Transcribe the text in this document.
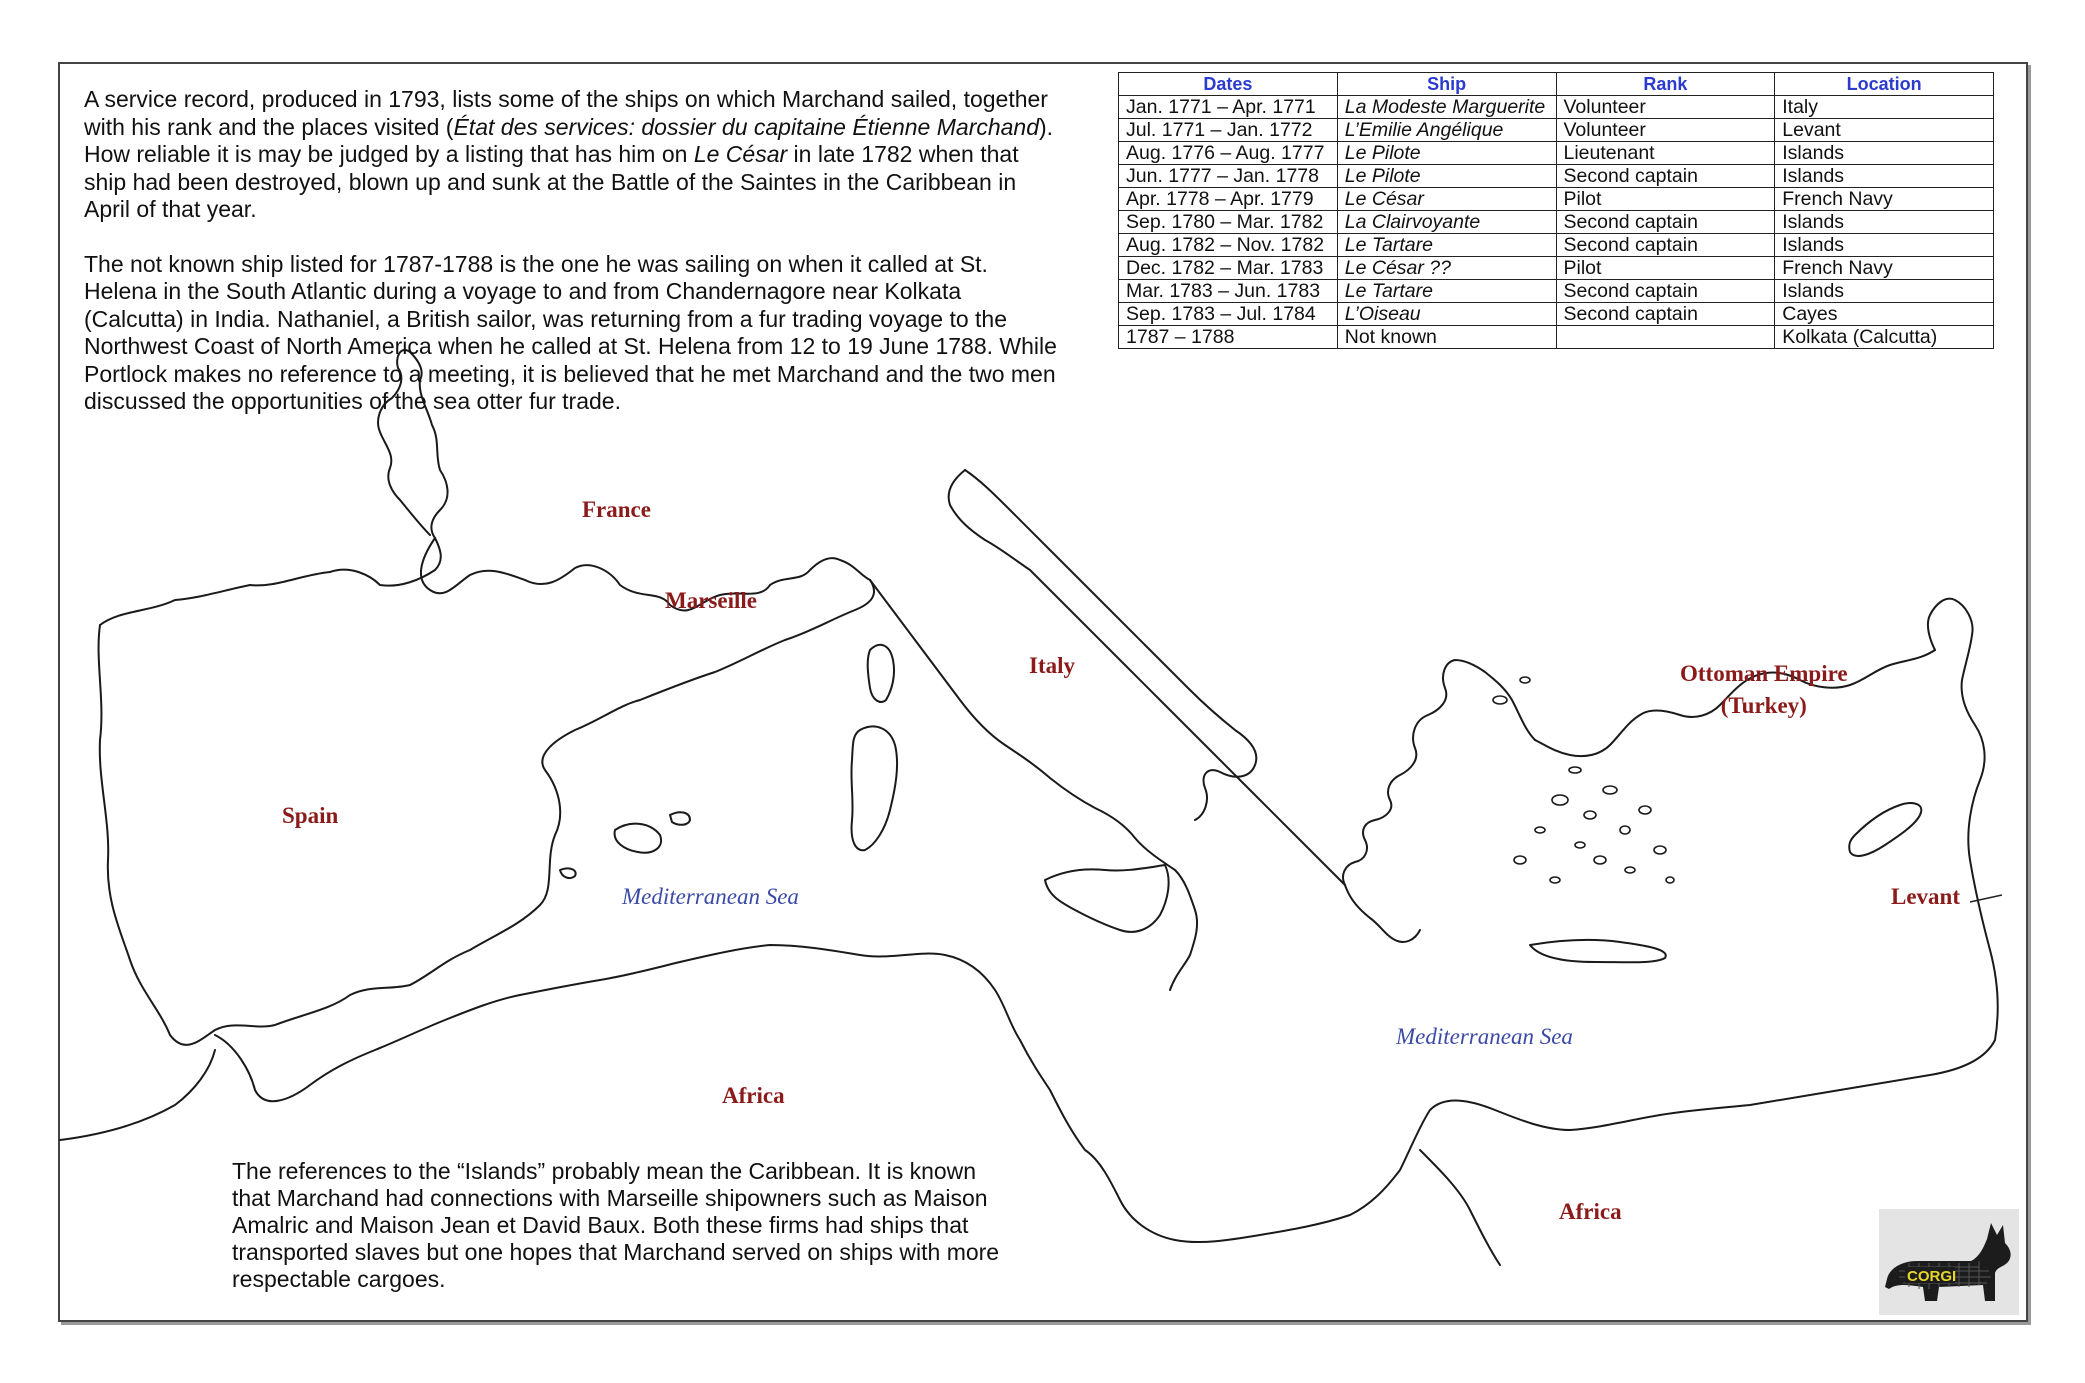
A service record, produced in 1793, lists some of the ships on which Marchand sailed, together with his rank and the places visited (État des services: dossier du capitaine Étienne Marchand). How reliable it is may be judged by a listing that has him on Le César in late 1782 when that ship had been destroyed, blown up and sunk at the Battle of the Saintes in the Caribbean in April of that year.

The not known ship listed for 1787-1788 is the one he was sailing on when it called at St. Helena in the South Atlantic during a voyage to and from Chandernagore near Kolkata (Calcutta) in India. Nathaniel, a British sailor, was returning from a fur trading voyage to the Northwest Coast of North America when he called at St. Helena from 12 to 19 June 1788. While Portlock makes no reference to a meeting, it is believed that he met Marchand and the two men discussed the opportunities of the sea otter fur trade.

Dates	Ship	Rank	Location
Jan. 1771 – Apr. 1771	La Modeste Marguerite	Volunteer	Italy
Jul. 1771 – Jan. 1772	L’Emilie Angélique	Volunteer	Levant
Aug. 1776 – Aug. 1777	Le Pilote	Lieutenant	Islands
Jun. 1777 – Jan. 1778	Le Pilote	Second captain	Islands
Apr. 1778 – Apr. 1779	Le César	Pilot	French Navy
Sep. 1780 – Mar. 1782	La Clairvoyante	Second captain	Islands
Aug. 1782 – Nov. 1782	Le Tartare	Second captain	Islands
Dec. 1782 – Mar. 1783	Le César ??	Pilot	French Navy
Mar. 1783 – Jun. 1783	Le Tartare	Second captain	Islands
Sep. 1783 – Jul. 1784	L’Oiseau	Second captain	Cayes
1787 – 1788	Not known		Kolkata (Calcutta)
France
Marseille
Italy
Spain
Ottoman Empire
(Turkey)
Levant
Africa
Africa
Mediterranean Sea
Mediterranean Sea
The references to the “Islands” probably mean the Caribbean. It is known that Marchand had connections with Marseille shipowners such as Maison Amalric and Maison Jean et David Baux. Both these firms had ships that transported slaves but one hopes that Marchand served on ships with more respectable cargoes.	CORGI
